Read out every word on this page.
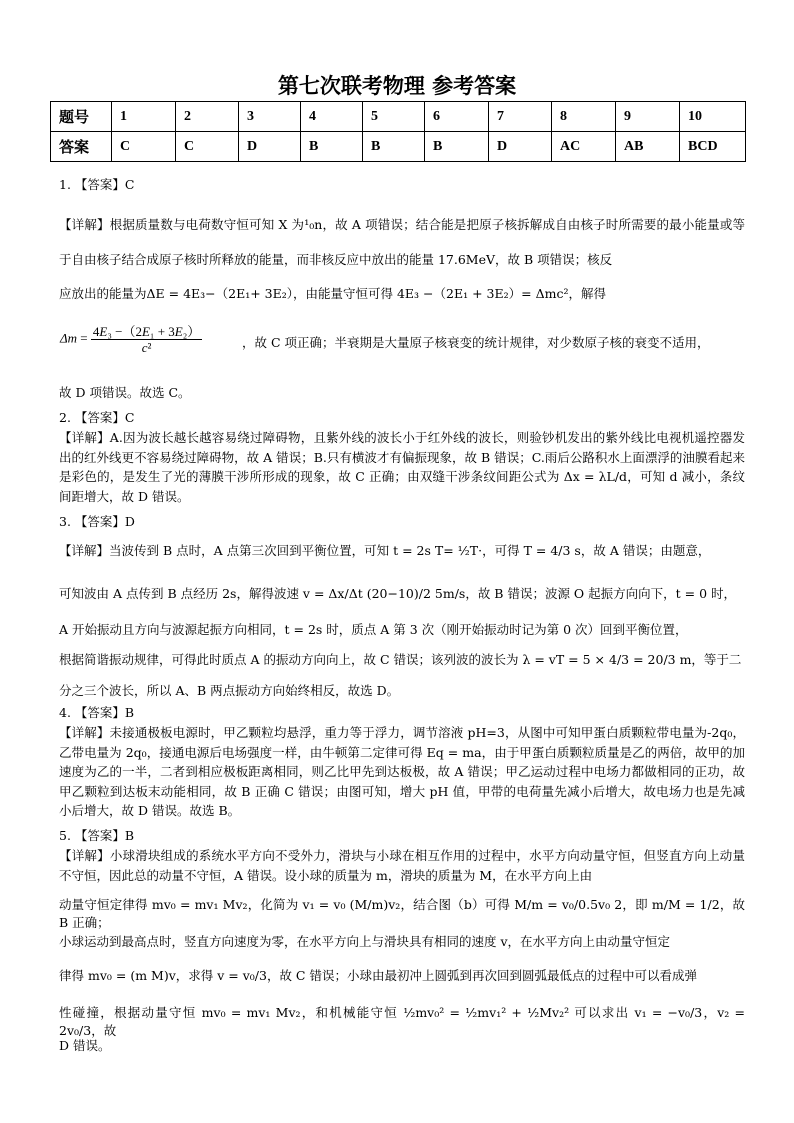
第七次联考物理 参考答案
题号	1	2	3	4	5	6	7	8	9	10
答案	C	C	D	B	B	B	D	AC	AB	BCD
1. 【答案】C
【详解】根据质量数与电荷数守恒可知 X 为¹₀n，故 A 项错误；结合能是把原子核拆解成自由核子时所需要的最小能量或等于自由核子结合成原子核时所释放的能量，而非核反应中放出的能量 17.6MeV，故 B 项错误；核反
应放出的能量为ΔE = 4E₃−（2E₁+ 3E₂），由能量守恒可得 4E₃ −（2E₁ + 3E₂）= Δmc²，解得
$\Delta m = \frac{\text{4E₃ −（2E₁ + 3E₂）}}{\text{c²}}$	，故 C 项正确；半衰期是大量原子核衰变的统计规律，对少数原子核的衰变不适用，
故 D 项错误。故选 C。
2. 【答案】C
【详解】A.因为波长越长越容易绕过障碍物，且紫外线的波长小于红外线的波长，则验钞机发出的紫外线比电视机遥控器发出的红外线更不容易绕过障碍物，故 A 错误；B.只有横波才有偏振现象，故 B 错误；C.雨后公路积水上面漂浮的油膜看起来是彩色的，是发生了光的薄膜干涉所形成的现象，故 C 正确；由双缝干涉条纹间距公式为 Δx = λL/d，可知 d 减小，条纹间距增大，故 D 错误。
3. 【答案】D
【详解】当波传到 B 点时，A 点第三次回到平衡位置，可知 t = 2s T= ½T·，可得 T = 4/3 s，故 A 错误；由题意，
可知波由 A 点传到 B 点经历 2s，解得波速 v = Δx/Δt (20−10)/2 5m/s，故 B 错误；波源 O 起振方向向下，t = 0 时，
A 开始振动且方向与波源起振方向相同，t = 2s 时，质点 A 第 3 次（刚开始振动时记为第 0 次）回到平衡位置，
根据简谐振动规律，可得此时质点 A 的振动方向向上，故 C 错误；该列波的波长为 λ = vT = 5 × 4/3 = 20/3 m，等于二
分之三个波长，所以 A、B 两点振动方向始终相反，故选 D。
4. 【答案】B
【详解】未接通极板电源时，甲乙颗粒均悬浮，重力等于浮力，调节溶液 pH=3，从图中可知甲蛋白质颗粒带电量为-2q₀，乙带电量为 2q₀，接通电源后电场强度一样，由牛顿第二定律可得 Eq = ma，由于甲蛋白质颗粒质量是乙的两倍，故甲的加速度为乙的一半，二者到相应极板距离相同，则乙比甲先到达板极，故 A 错误；甲乙运动过程中电场力都做相同的正功，故甲乙颗粒到达板末动能相同，故 B 正确 C 错误；由图可知，增大 pH 值，甲带的电荷量先减小后增大，故电场力也是先减小后增大，故 D 错误。故选 B。
5. 【答案】B
【详解】小球滑块组成的系统水平方向不受外力，滑块与小球在相互作用的过程中，水平方向动量守恒，但竖直方向上动量不守恒，因此总的动量不守恒，A 错误。设小球的质量为 m，滑块的质量为 M，在水平方向上由
动量守恒定律得 mv₀ = mv₁ Mv₂，化简为 v₁ = v₀ (M/m)v₂，结合图（b）可得 M/m = v₀/0.5v₀ 2，即 m/M = 1/2，故 B 正确；
小球运动到最高点时，竖直方向速度为零，在水平方向上与滑块具有相同的速度 v，在水平方向上由动量守恒定
律得 mv₀ = (m M)v，求得 v = v₀/3，故 C 错误；小球由最初冲上圆弧到再次回到圆弧最低点的过程中可以看成弹
性碰撞，根据动量守恒 mv₀ = mv₁ Mv₂，和机械能守恒 ½mv₀² = ½mv₁² + ½Mv₂² 可以求出 v₁ = −v₀/3，v₂ = 2v₀/3，故
D 错误。
